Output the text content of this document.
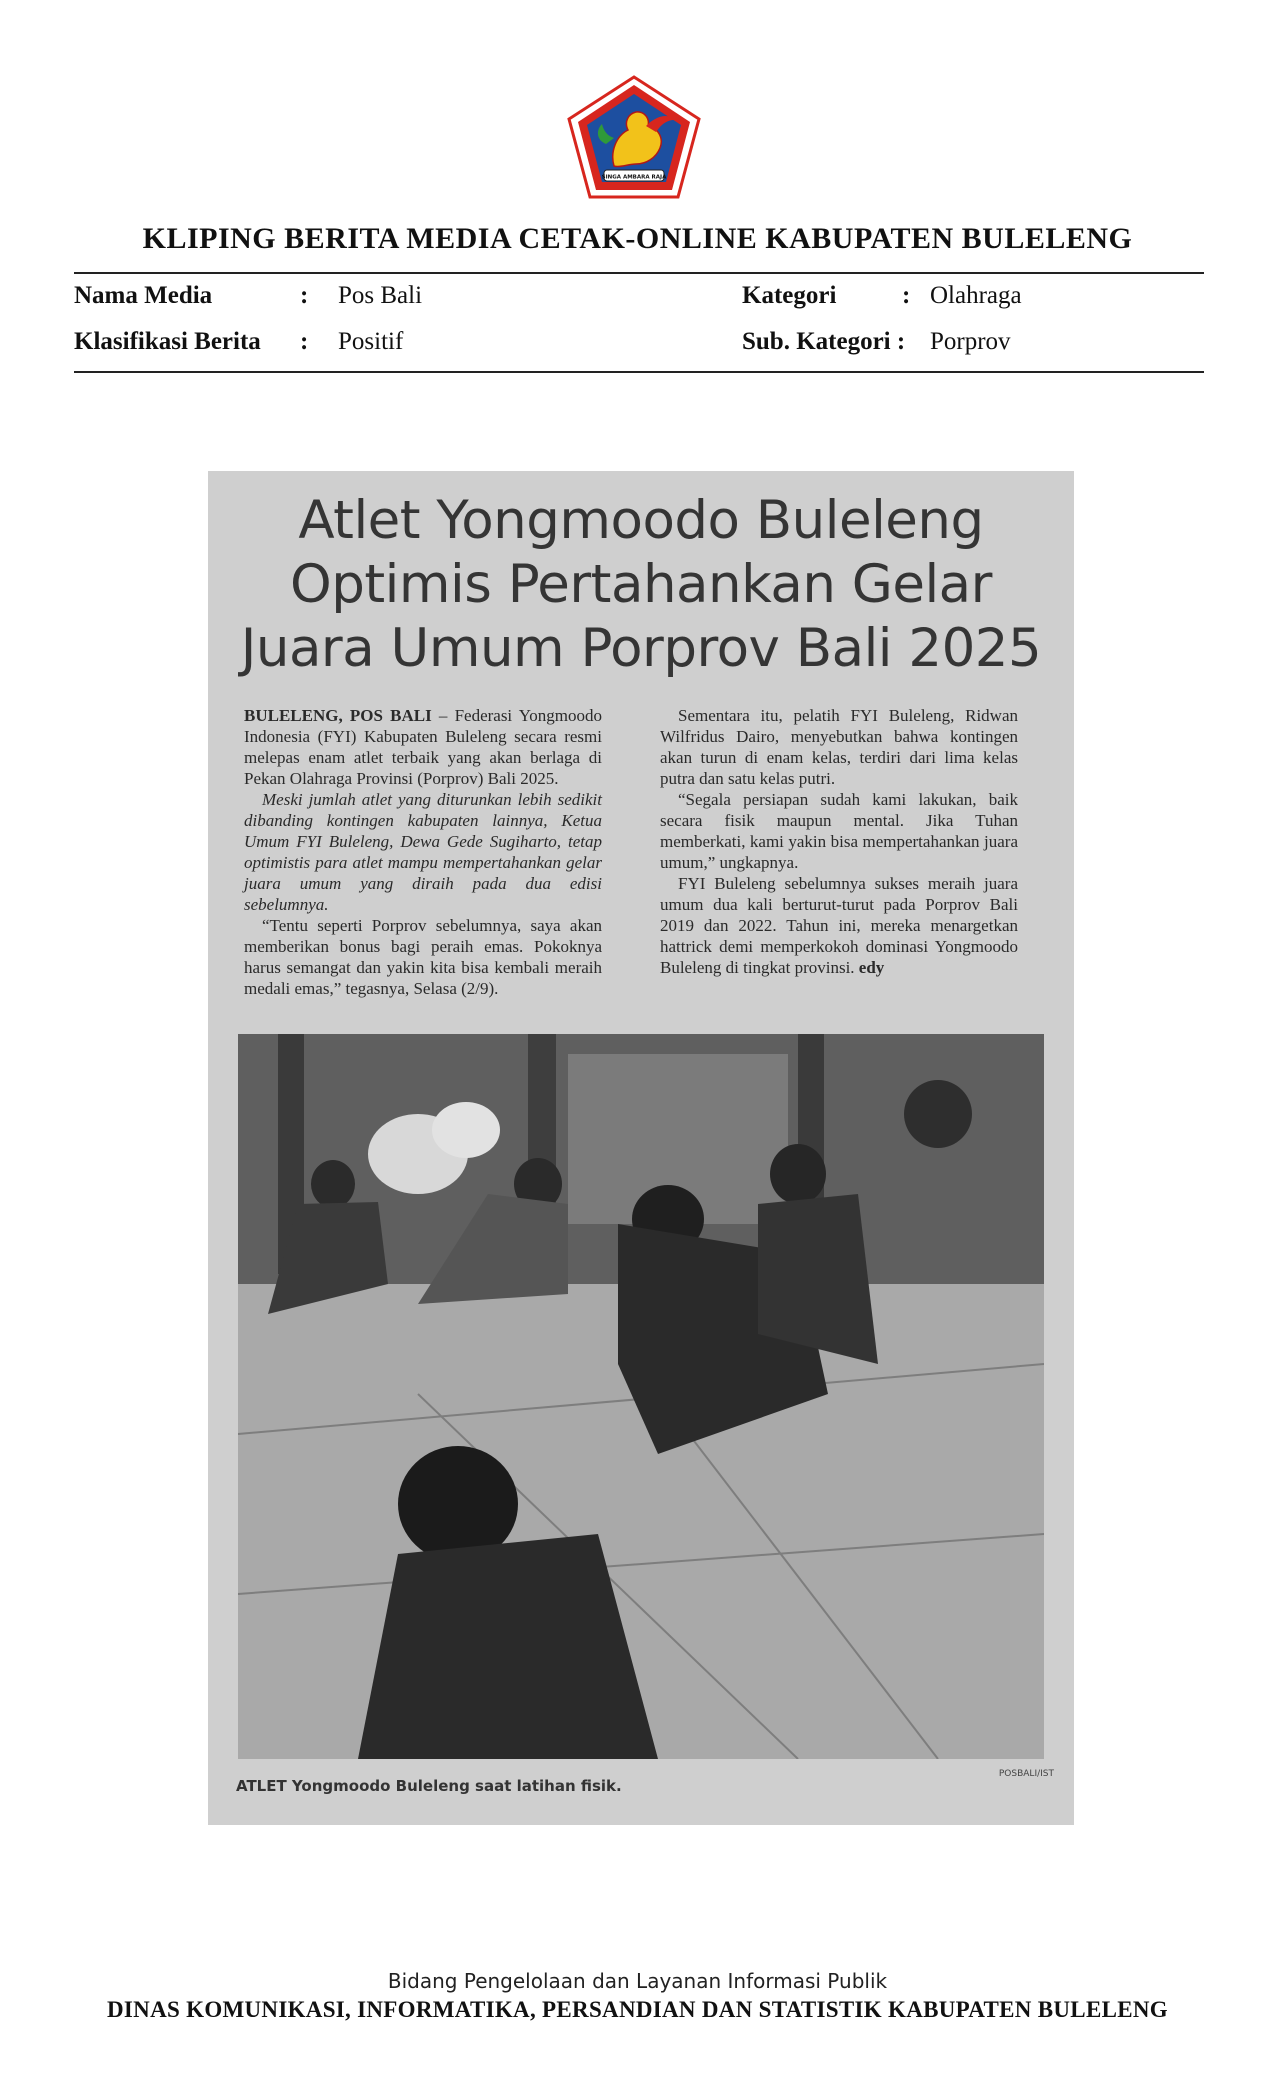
SINGA AMBARA RAJA
KLIPING BERITA MEDIA CETAK-ONLINE KABUPATEN BULELENG
Nama Media	: Pos Bali	Kategori	: Olahraga
Klasifikasi Berita : Positif	Sub. Kategori : Porprov
Atlet Yongmoodo Buleleng
Optimis Pertahankan Gelar
Juara Umum Porprov Bali 2025

BULELENG, POS BALI – Federasi Yongmoodo Indonesia (FYI) Kabupaten Buleleng secara resmi melepas enam atlet terbaik yang akan berlaga di Pekan Olahraga Provinsi (Porprov) Bali 2025.

Meski jumlah atlet yang diturunkan lebih sedikit dibanding kontingen kabupaten lainnya, Ketua Umum FYI Buleleng, Dewa Gede Sugiharto, tetap optimistis para atlet mampu mempertahankan gelar juara umum yang diraih pada dua edisi sebelumnya.

“Tentu seperti Porprov sebelumnya, saya akan memberikan bonus bagi peraih emas. Pokoknya harus semangat dan yakin kita bisa kembali meraih medali emas,” tegasnya, Selasa (2/9).

Sementara itu, pelatih FYI Buleleng, Ridwan Wilfridus Dairo, menyebutkan bahwa kontingen akan turun di enam kelas, terdiri dari lima kelas putra dan satu kelas putri.

“Segala persiapan sudah kami lakukan, baik secara fisik maupun mental. Jika Tuhan memberkati, kami yakin bisa mempertahankan juara umum,” ungkapnya.

FYI Buleleng sebelumnya sukses meraih juara umum dua kali berturut-turut pada Porprov Bali 2019 dan 2022. Tahun ini, mereka menargetkan hattrick demi memperkokoh dominasi Yongmoodo Buleleng di tingkat provinsi. edy

ATLET Yongmoodo Buleleng saat latihan fisik.
POSBALI/IST
Bidang Pengelolaan dan Layanan Informasi Publik
DINAS KOMUNIKASI, INFORMATIKA, PERSANDIAN DAN STATISTIK KABUPATEN BULELENG
